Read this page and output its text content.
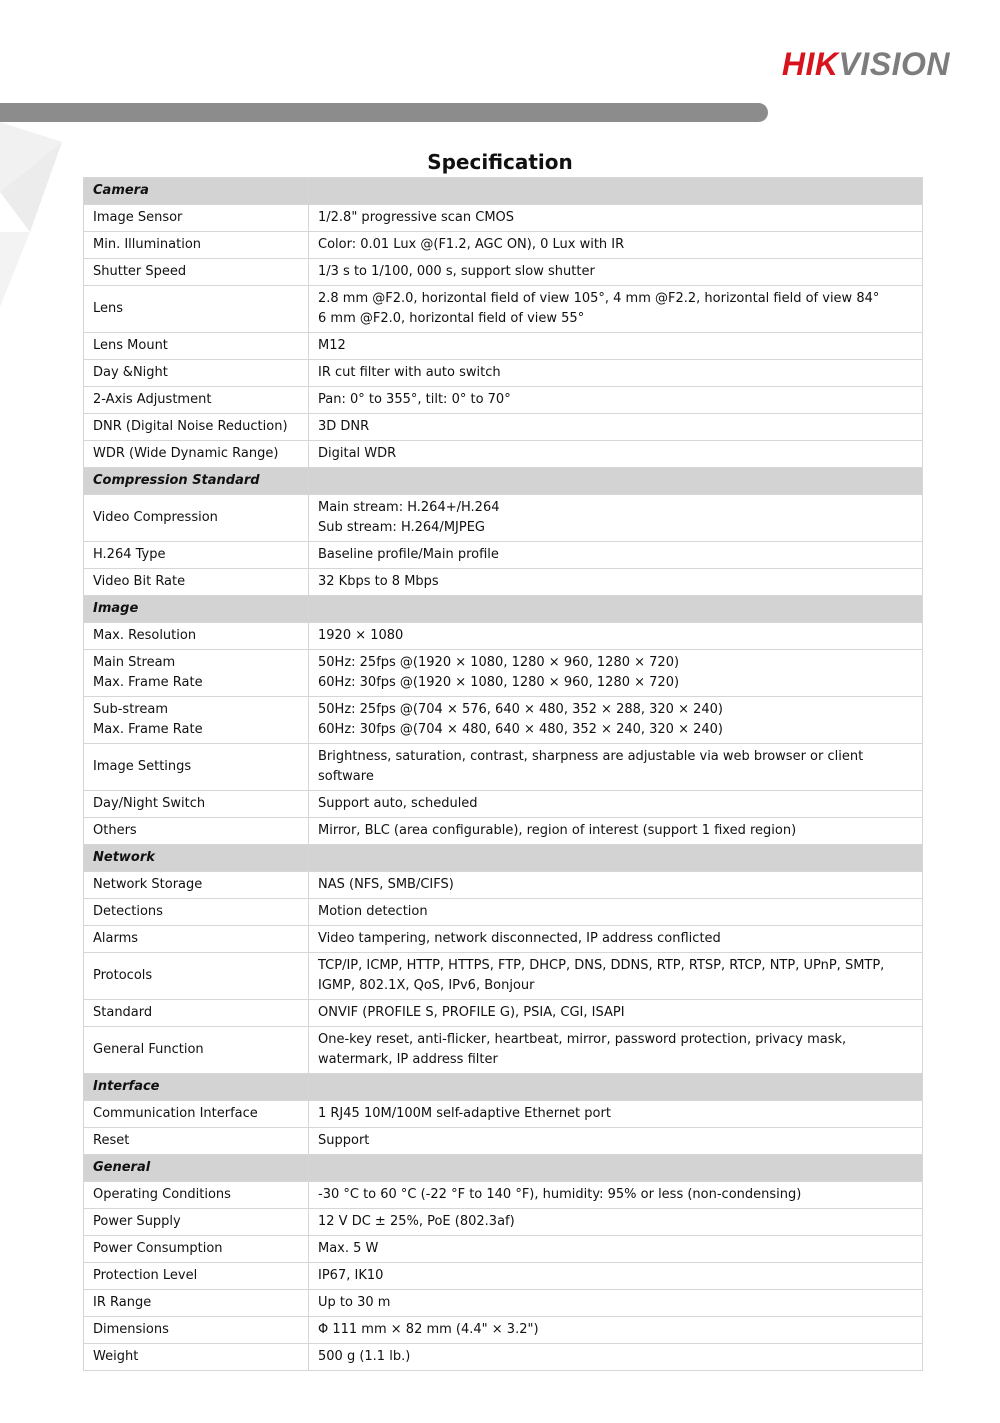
HIKVISION
Specification
Camera	

Image Sensor	1/2.8" progressive scan CMOS

Min. Illumination	Color: 0.01 Lux @(F1.2, AGC ON), 0 Lux with IR

Shutter Speed	1/3 s to 1/100, 000 s, support slow shutter

Lens	2.8 mm @F2.0, horizontal field of view 105°, 4 mm @F2.2, horizontal field of view 84°
6 mm @F2.0, horizontal field of view 55°

Lens Mount	M12

Day &Night	IR cut filter with auto switch

2-Axis Adjustment	Pan: 0° to 355°, tilt: 0° to 70°

DNR (Digital Noise Reduction)	3D DNR

WDR (Wide Dynamic Range)	Digital WDR

Compression Standard	

Video Compression	Main stream: H.264+/H.264
Sub stream: H.264/MJPEG

H.264 Type	Baseline profile/Main profile

Video Bit Rate	32 Kbps to 8 Mbps

Image	

Max. Resolution	1920 × 1080

Main Stream
Max. Frame Rate	50Hz: 25fps @(1920 × 1080, 1280 × 960, 1280 × 720)
60Hz: 30fps @(1920 × 1080, 1280 × 960, 1280 × 720)

Sub-stream
Max. Frame Rate	50Hz: 25fps @(704 × 576, 640 × 480, 352 × 288, 320 × 240)
60Hz: 30fps @(704 × 480, 640 × 480, 352 × 240, 320 × 240)

Image Settings	Brightness, saturation, contrast, sharpness are adjustable via web browser or client software

Day/Night Switch	Support auto, scheduled

Others	Mirror, BLC (area configurable), region of interest (support 1 fixed region)

Network	

Network Storage	NAS (NFS, SMB/CIFS)

Detections	Motion detection

Alarms	Video tampering, network disconnected, IP address conflicted

Protocols	TCP/IP, ICMP, HTTP, HTTPS, FTP, DHCP, DNS, DDNS, RTP, RTSP, RTCP, NTP, UPnP, SMTP, IGMP, 802.1X, QoS, IPv6, Bonjour

Standard	ONVIF (PROFILE S, PROFILE G), PSIA, CGI, ISAPI

General Function	One-key reset, anti-flicker, heartbeat, mirror, password protection, privacy mask, watermark, IP address filter

Interface	

Communication Interface	1 RJ45 10M/100M self-adaptive Ethernet port

Reset	Support

General	

Operating Conditions	-30 °C to 60 °C (-22 °F to 140 °F), humidity: 95% or less (non-condensing)

Power Supply	12 V DC ± 25%, PoE (802.3af)

Power Consumption	Max. 5 W

Protection Level	IP67, IK10

IR Range	Up to 30 m

Dimensions	Φ 111 mm × 82 mm (4.4" × 3.2")

Weight	500 g (1.1 lb.)
